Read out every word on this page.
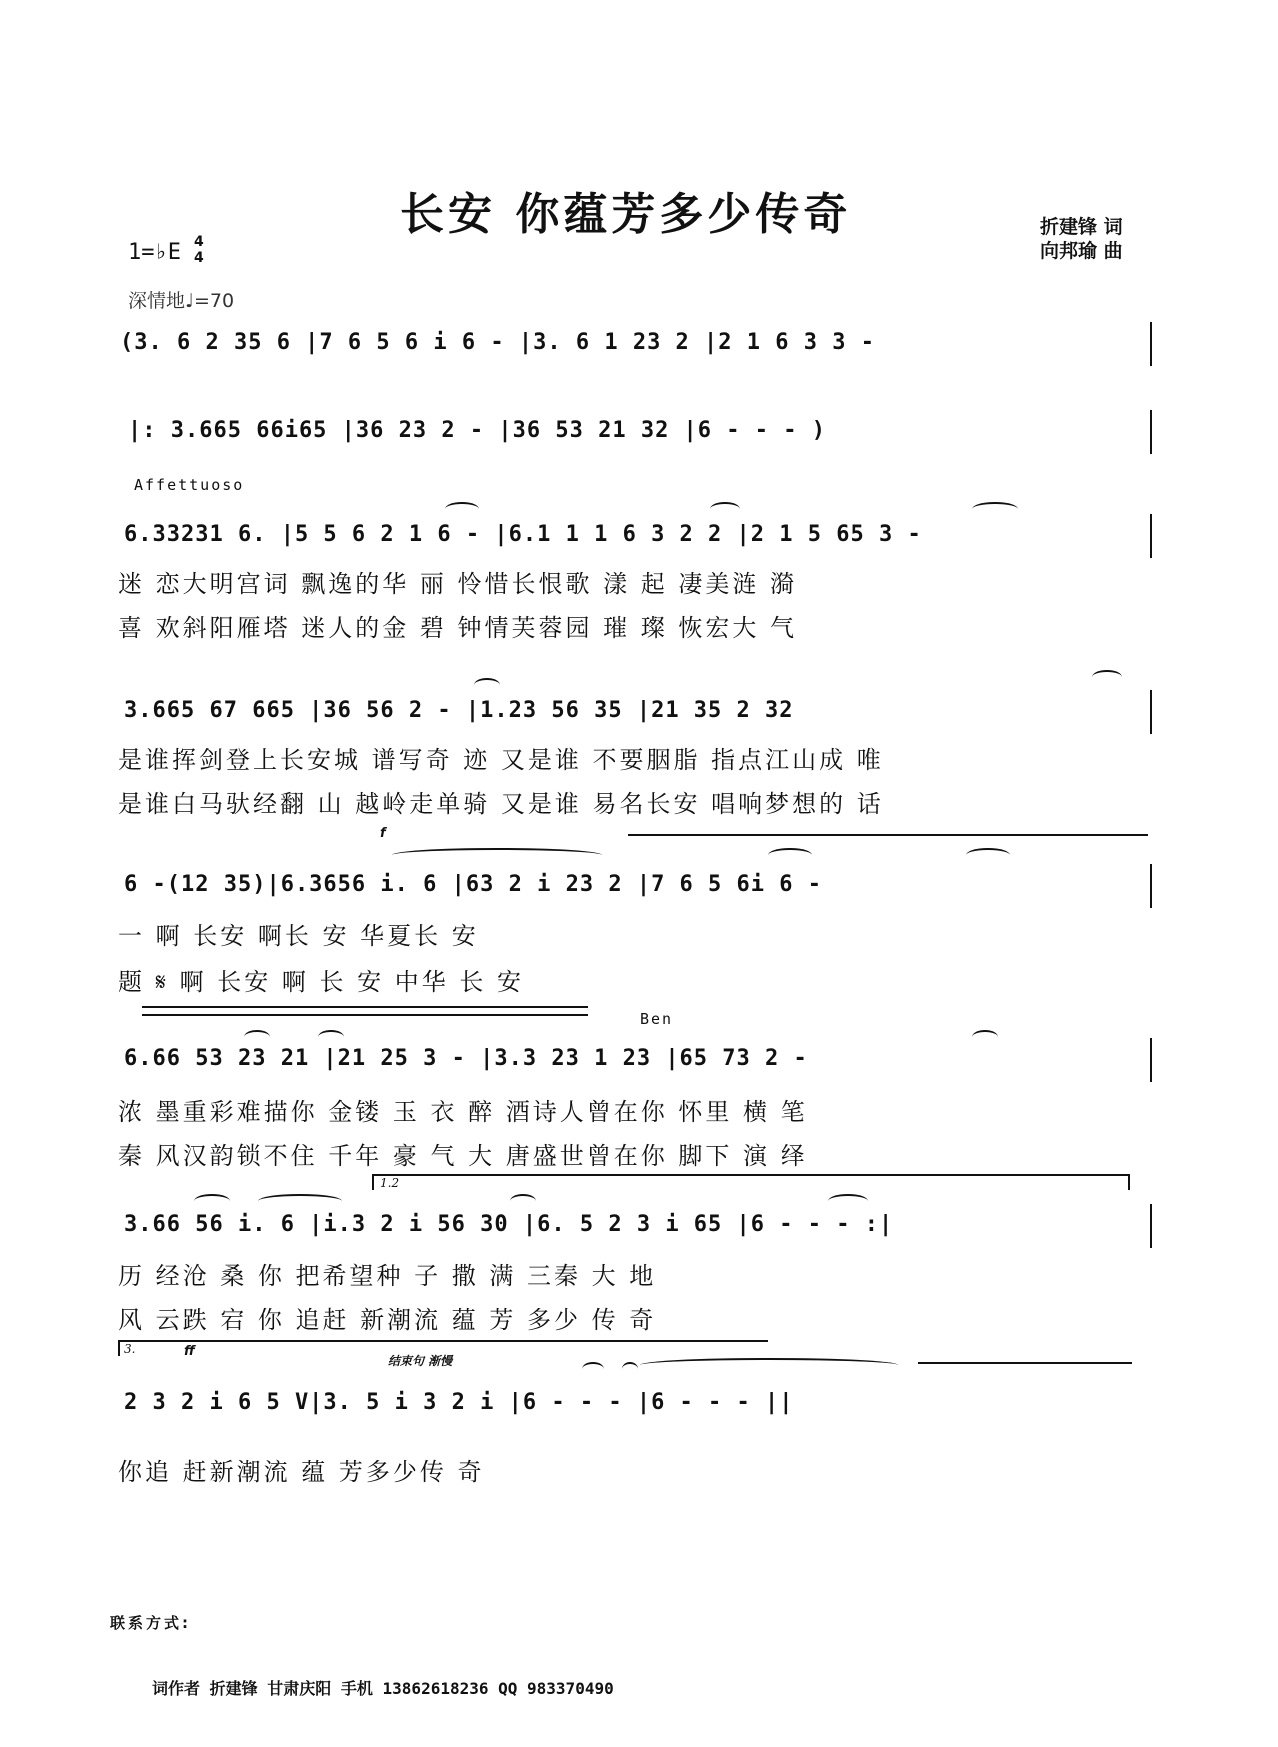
长安 你蕴芳多少传奇	折建锋 词
向邦瑜 曲
1=♭E 4
4
深情地♩=70
(3. 6 2 35 6 |7 6 5 6 i 6 - |3. 6 1 23 2 |2 1 6 3 3 -
|: 3.665 66i65 |36 23 2 - |36 53 21 32 |6 - - - )
Affettuoso
6.33231 6. |5 5 6 2 1 6 - |6.1 1 1 6 3 2 2 |2 1 5 65 3 -
迷 恋大明宫词 飘逸的华 丽 怜惜长恨歌 漾 起 凄美涟 漪
喜 欢斜阳雁塔 迷人的金 碧 钟情芙蓉园 璀 璨 恢宏大 气
3.665 67 665 |36 56 2 - |1.23 56 35 |21 35 2 32
是谁挥剑登上长安城 谱写奇 迹 又是谁 不要胭脂 指点江山成 唯
是谁白马驮经翻 山 越岭走单骑 又是谁 易名长安 唱响梦想的 话
f
6 -(12 35)|6.3656 i. 6 |63 2 i 23 2 |7 6 5 6i 6 -
一 啊 长安 啊长 安 华夏长 安
题 𝄋 啊 长安 啊 长 安 中华 长 安
Ben
6.66 53 23 21 |21 25 3 - |3.3 23 1 23 |65 73 2 -
浓 墨重彩难描你 金镂 玉 衣 醉 酒诗人曾在你 怀里 横 笔
秦 风汉韵锁不住 千年 豪 气 大 唐盛世曾在你 脚下 演 绎
1.2
3.66 56 i. 6 |i.3 2 i 56 30 |6. 5 2 3 i 65 |6 - - - :|
历 经沧 桑 你 把希望种 子 撒 满 三秦 大 地
风 云跌 宕 你 追赶 新潮流 蕴 芳 多少 传 奇
3.	ff
结束句 渐慢
2 3 2 i 6 5 V|3. 5 i 3 2 i |6 - - - |6 - - - ||
你追 赶新潮流 蕴 芳多少传 奇
联系方式:
词作者 折建锋 甘肃庆阳 手机 13862618236 QQ 983370490
